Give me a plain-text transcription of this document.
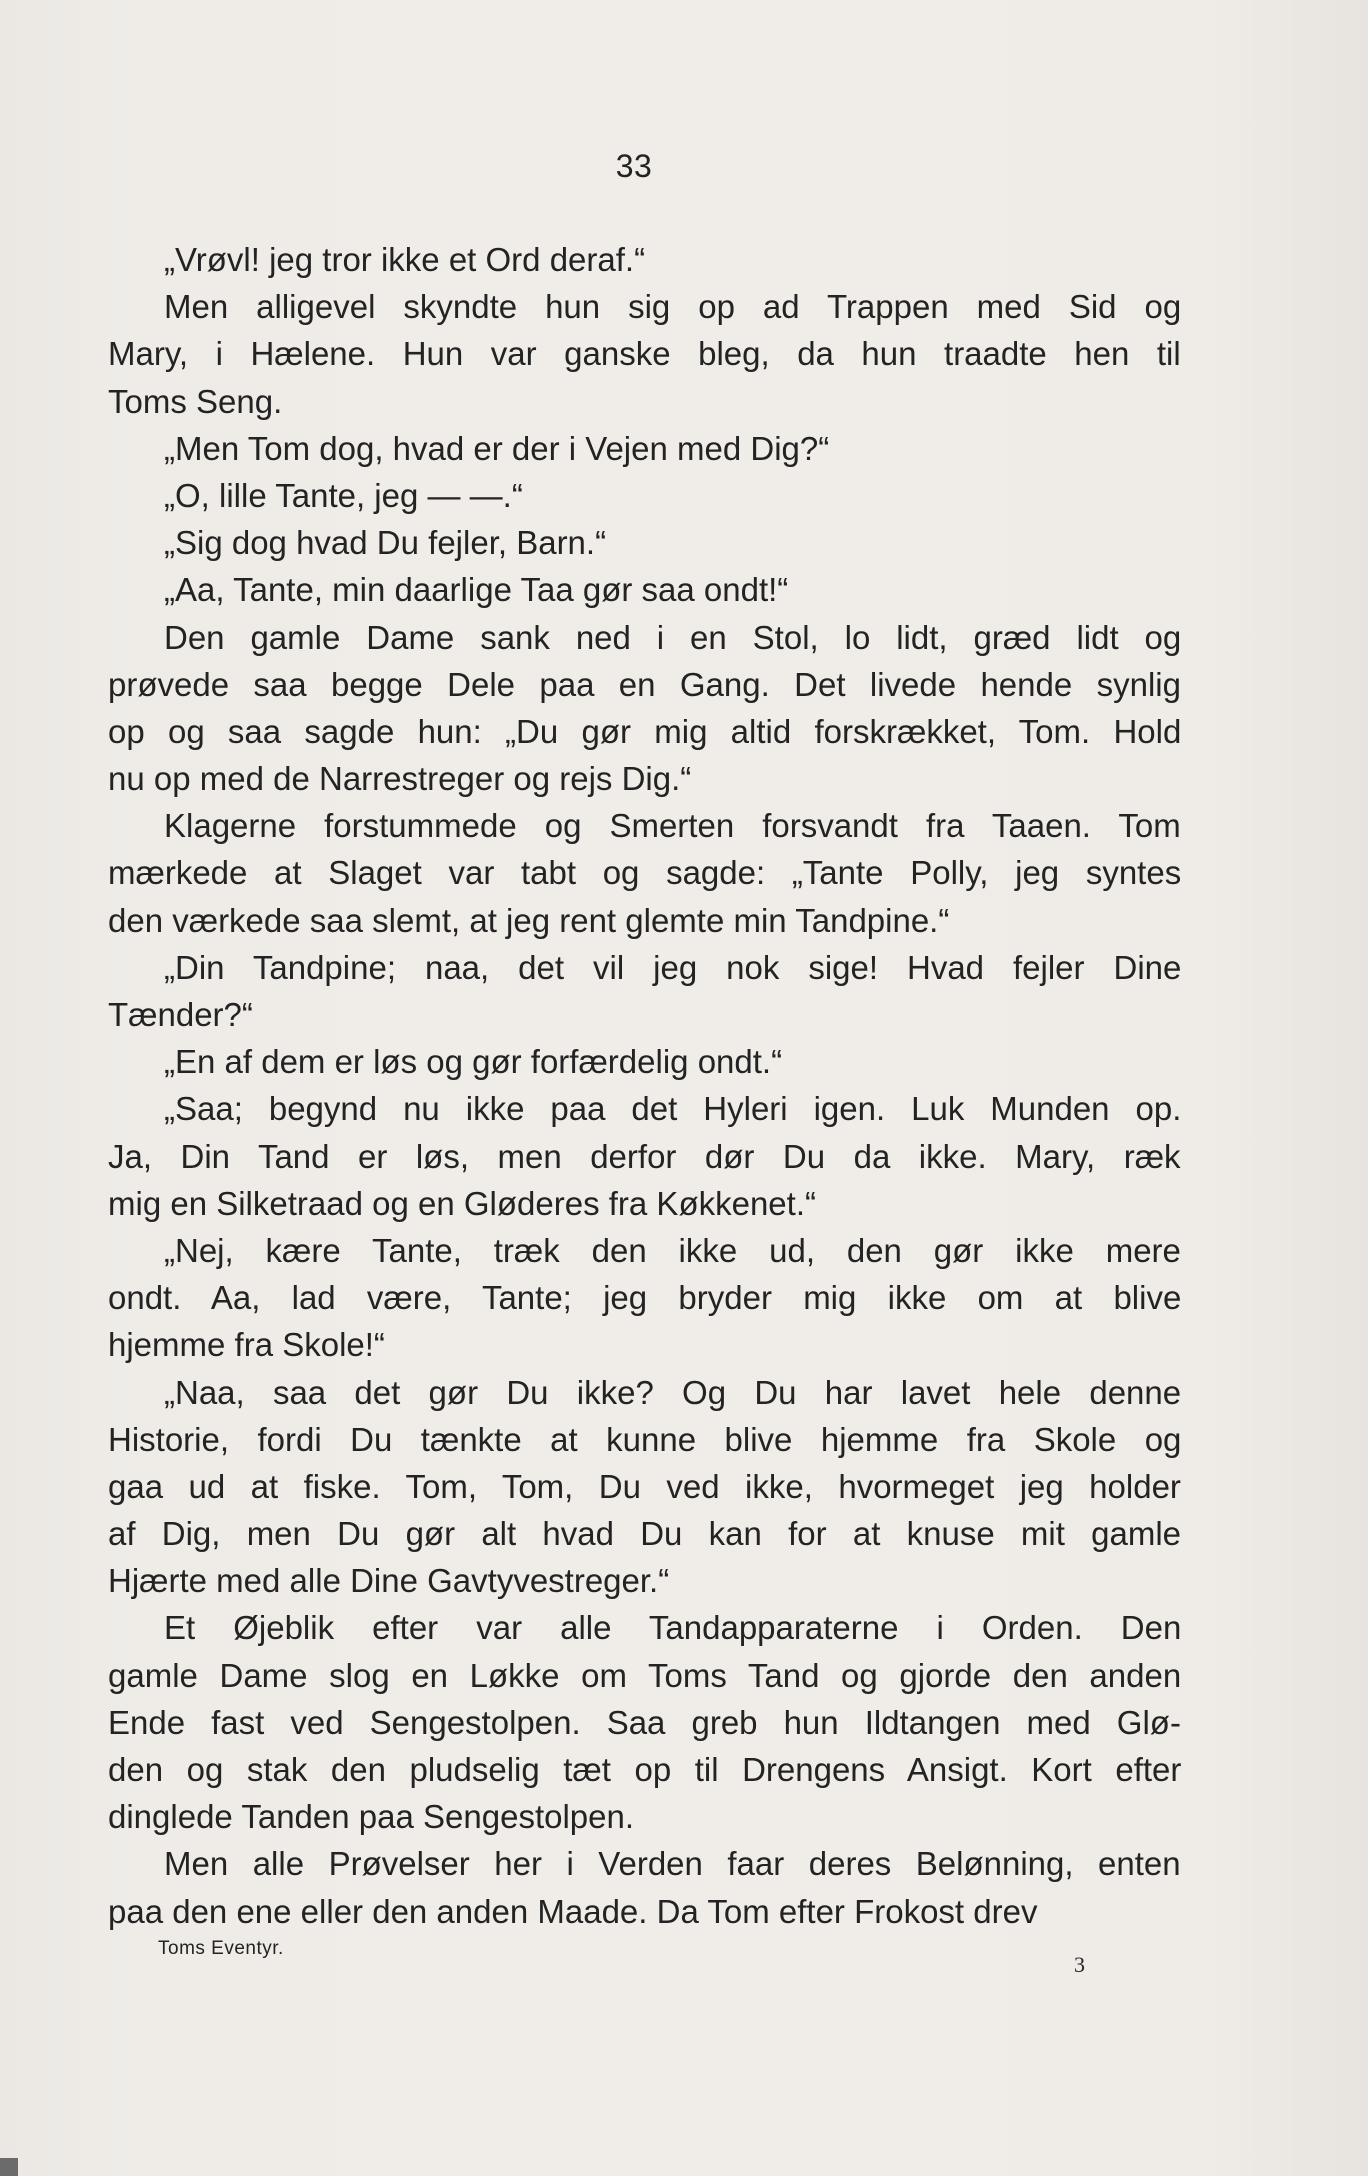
33
„Vrøvl! jeg tror ikke et Ord deraf.“
Men alligevel skyndte hun sig op ad Trappen med Sid og
Mary, i Hælene. Hun var ganske bleg, da hun traadte hen til
Toms Seng.
„Men Tom dog, hvad er der i Vejen med Dig?“
„O, lille Tante, jeg — —.“
„Sig dog hvad Du fejler, Barn.“
„Aa, Tante, min daarlige Taa gør saa ondt!“
Den gamle Dame sank ned i en Stol, lo lidt, græd lidt og
prøvede saa begge Dele paa en Gang. Det livede hende synlig
op og saa sagde hun: „Du gør mig altid forskrækket, Tom. Hold
nu op med de Narrestreger og rejs Dig.“
Klagerne forstummede og Smerten forsvandt fra Taaen. Tom
mærkede at Slaget var tabt og sagde: „Tante Polly, jeg syntes
den værkede saa slemt, at jeg rent glemte min Tandpine.“
„Din Tandpine; naa, det vil jeg nok sige! Hvad fejler Dine
Tænder?“
„En af dem er løs og gør forfærdelig ondt.“
„Saa; begynd nu ikke paa det Hyleri igen. Luk Munden op.
Ja, Din Tand er løs, men derfor dør Du da ikke. Mary, ræk
mig en Silketraad og en Gløderes fra Køkkenet.“
„Nej, kære Tante, træk den ikke ud, den gør ikke mere
ondt. Aa, lad være, Tante; jeg bryder mig ikke om at blive
hjemme fra Skole!“
„Naa, saa det gør Du ikke? Og Du har lavet hele denne
Historie, fordi Du tænkte at kunne blive hjemme fra Skole og
gaa ud at fiske. Tom, Tom, Du ved ikke, hvormeget jeg holder
af Dig, men Du gør alt hvad Du kan for at knuse mit gamle
Hjærte med alle Dine Gavtyvestreger.“
Et Øjeblik efter var alle Tandapparaterne i Orden. Den
gamle Dame slog en Løkke om Toms Tand og gjorde den anden
Ende fast ved Sengestolpen. Saa greb hun Ildtangen med Glø-
den og stak den pludselig tæt op til Drengens Ansigt. Kort efter
dinglede Tanden paa Sengestolpen.
Men alle Prøvelser her i Verden faar deres Belønning, enten
paa den ene eller den anden Maade. Da Tom efter Frokost drev
Toms Eventyr.
3
